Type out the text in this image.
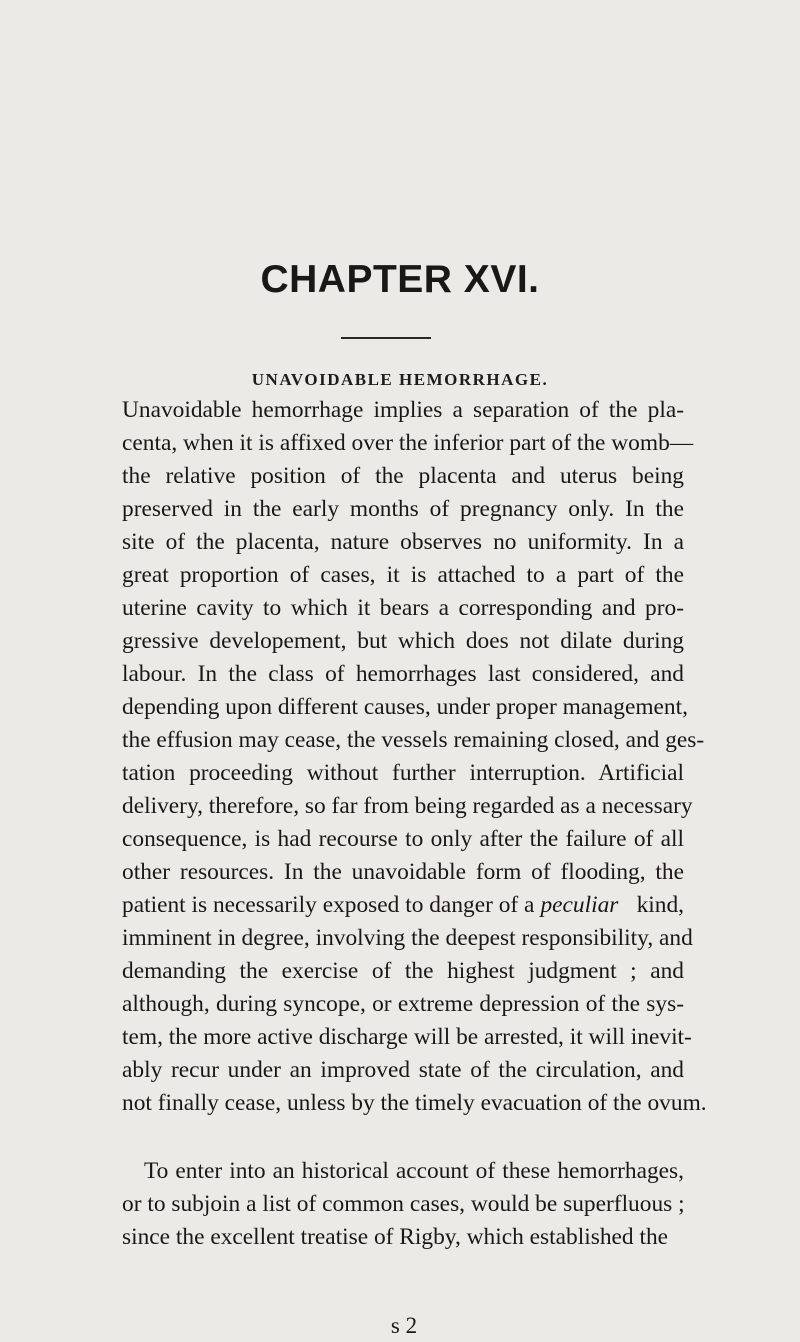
CHAPTER XVI.
UNAVOIDABLE HEMORRHAGE.
Unavoidable hemorrhage implies a separation of the pla-
centa, when it is affixed over the inferior part of the womb—
the relative position of the placenta and uterus being
preserved in the early months of pregnancy only. In the
site of the placenta, nature observes no uniformity. In a
great proportion of cases, it is attached to a part of the
uterine cavity to which it bears a corresponding and pro-
gressive developement, but which does not dilate during
labour. In the class of hemorrhages last considered, and
depending upon different causes, under proper management,
the effusion may cease, the vessels remaining closed, and ges-
tation proceeding without further interruption. Artificial
delivery, therefore, so far from being regarded as a necessary
consequence, is had recourse to only after the failure of all
other resources. In the unavoidable form of flooding, the
patient is necessarily exposed to danger of a peculiar kind,
imminent in degree, involving the deepest responsibility, and
demanding the exercise of the highest judgment ; and
although, during syncope, or extreme depression of the sys-
tem, the more active discharge will be arrested, it will inevit-
ably recur under an improved state of the circulation, and
not finally cease, unless by the timely evacuation of the ovum.
To enter into an historical account of these hemorrhages,
or to subjoin a list of common cases, would be superfluous ;
since the excellent treatise of Rigby, which established the
s 2
